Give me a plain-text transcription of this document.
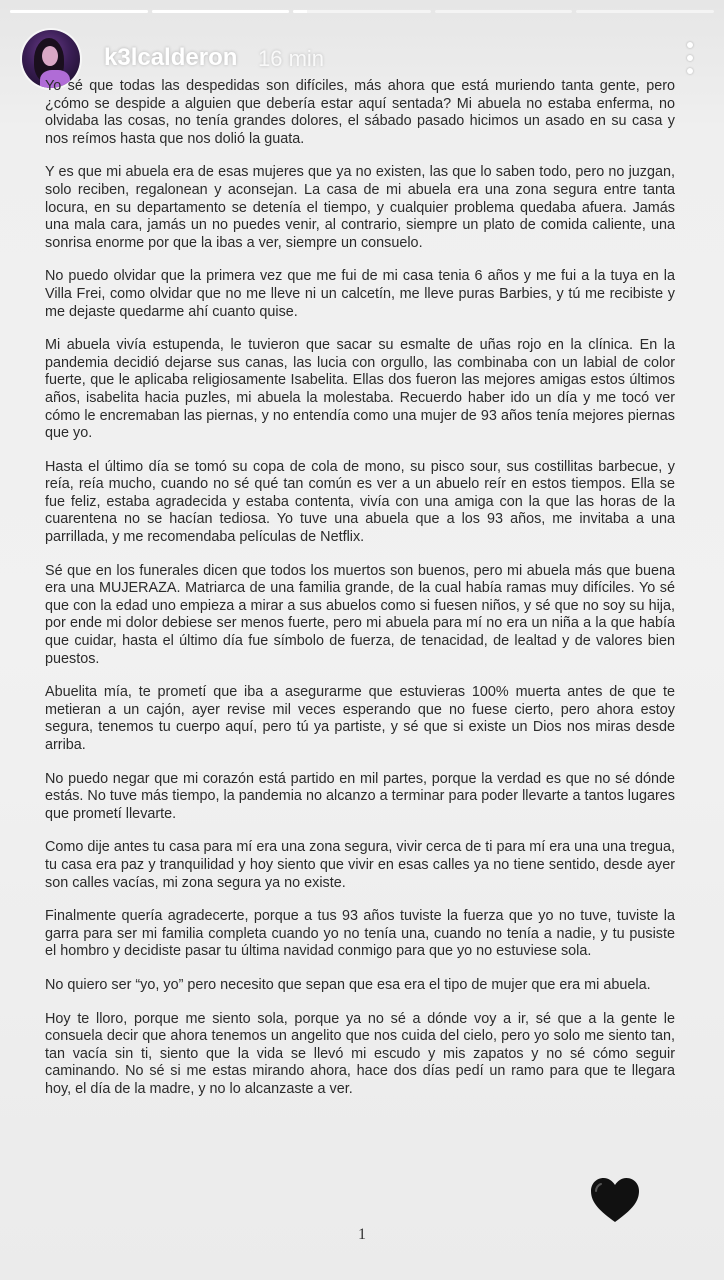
k3lcalderon 16 min

Yo sé que todas las despedidas son difíciles, más ahora que está muriendo tanta gente, pero ¿cómo se despide a alguien que debería estar aquí sentada? Mi abuela no estaba enferma, no olvidaba las cosas, no tenía grandes dolores, el sábado pasado hicimos un asado en su casa y nos reímos hasta que nos dolió la guata.

Y es que mi abuela era de esas mujeres que ya no existen, las que lo saben todo, pero no juzgan, solo reciben, regalonean y aconsejan. La casa de mi abuela era una zona segura entre tanta locura, en su departamento se detenía el tiempo, y cualquier problema quedaba afuera. Jamás una mala cara, jamás un no puedes venir, al contrario, siempre un plato de comida caliente, una sonrisa enorme por que la ibas a ver, siempre un consuelo.

No puedo olvidar que la primera vez que me fui de mi casa tenia 6 años y me fui a la tuya en la Villa Frei, como olvidar que no me lleve ni un calcetín, me lleve puras Barbies, y tú me recibiste y me dejaste quedarme ahí cuanto quise.

Mi abuela vivía estupenda, le tuvieron que sacar su esmalte de uñas rojo en la clínica. En la pandemia decidió dejarse sus canas, las lucia con orgullo, las combinaba con un labial de color fuerte, que le aplicaba religiosamente Isabelita. Ellas dos fueron las mejores amigas estos últimos años, isabelita hacia puzles, mi abuela la molestaba. Recuerdo haber ido un día y me tocó ver cómo le encremaban las piernas, y no entendía como una mujer de 93 años tenía mejores piernas que yo.

Hasta el último día se tomó su copa de cola de mono, su pisco sour, sus costillitas barbecue, y reía, reía mucho, cuando no sé qué tan común es ver a un abuelo reír en estos tiempos. Ella se fue feliz, estaba agradecida y estaba contenta, vivía con una amiga con la que las horas de la cuarentena no se hacían tediosa. Yo tuve una abuela que a los 93 años, me invitaba a una parrillada, y me recomendaba películas de Netflix.

Sé que en los funerales dicen que todos los muertos son buenos, pero mi abuela más que buena era una MUJERAZA. Matriarca de una familia grande, de la cual había ramas muy difíciles. Yo sé que con la edad uno empieza a mirar a sus abuelos como si fuesen niños, y sé que no soy su hija, por ende mi dolor debiese ser menos fuerte, pero mi abuela para mí no era un niña a la que había que cuidar, hasta el último día fue símbolo de fuerza, de tenacidad, de lealtad y de valores bien puestos.

Abuelita mía, te prometí que iba a asegurarme que estuvieras 100% muerta antes de que te metieran a un cajón, ayer revise mil veces esperando que no fuese cierto, pero ahora estoy segura, tenemos tu cuerpo aquí, pero tú ya partiste, y sé que si existe un Dios nos miras desde arriba.

No puedo negar que mi corazón está partido en mil partes, porque la verdad es que no sé dónde estás. No tuve más tiempo, la pandemia no alcanzo a terminar para poder llevarte a tantos lugares que prometí llevarte.

Como dije antes tu casa para mí era una zona segura, vivir cerca de ti para mí era una una tregua, tu casa era paz y tranquilidad y hoy siento que vivir en esas calles ya no tiene sentido, desde ayer son calles vacías, mi zona segura ya no existe.

Finalmente quería agradecerte, porque a tus 93 años tuviste la fuerza que yo no tuve, tuviste la garra para ser mi familia completa cuando yo no tenía una, cuando no tenía a nadie, y tu pusiste el hombro y decidiste pasar tu última navidad conmigo para que yo no estuviese sola.

No quiero ser “yo, yo” pero necesito que sepan que esa era el tipo de mujer que era mi abuela.

Hoy te lloro, porque me siento sola, porque ya no sé a dónde voy a ir, sé que a la gente le consuela decir que ahora tenemos un angelito que nos cuida del cielo, pero yo solo me siento tan, tan vacía sin ti, siento que la vida se llevó mi escudo y mis zapatos y no sé cómo seguir caminando. No sé si me estas mirando ahora, hace dos días pedí un ramo para que te llegara hoy, el día de la madre, y no lo alcanzaste a ver.

1
